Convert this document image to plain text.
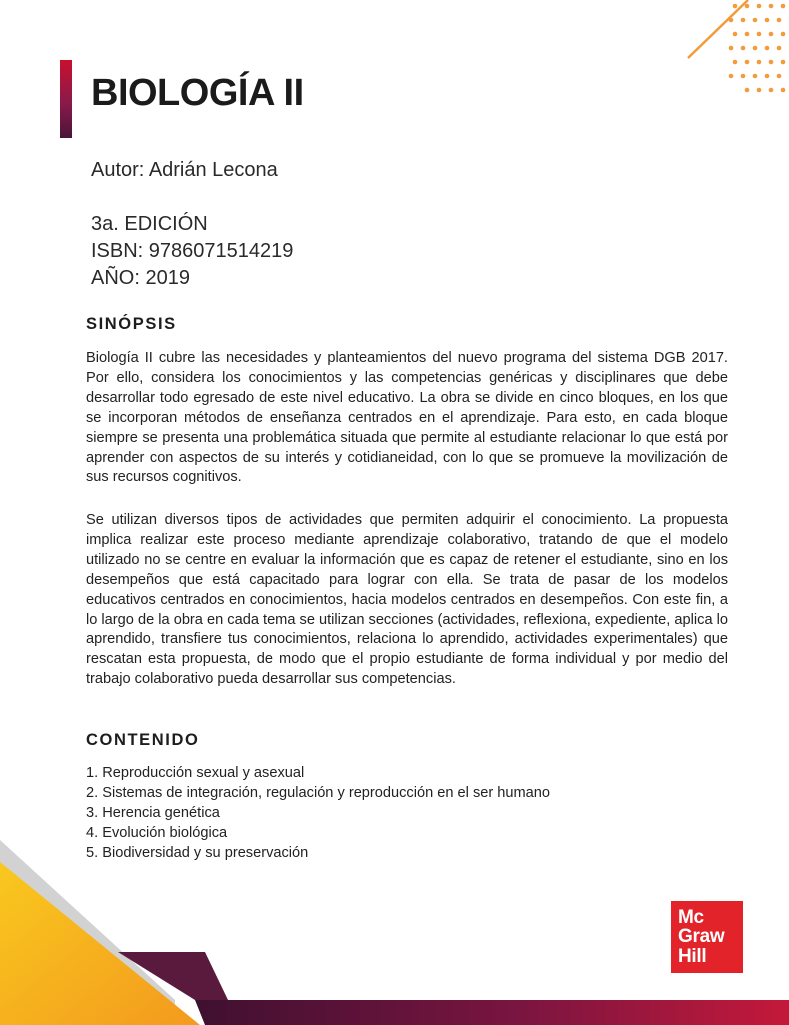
BIOLOGÍA II
Autor: Adrián Lecona
3a. EDICIÓN
ISBN: 9786071514219
AÑO: 2019
SINÓPSIS

Biología II cubre las necesidades y planteamientos del nuevo programa del sistema DGB 2017. Por ello, considera los conocimientos y las competencias genéricas y disciplinares que debe desarrollar todo egresado de este nivel educativo. La obra se divide en cinco bloques, en los que se incorporan métodos de enseñanza centrados en el aprendizaje. Para esto, en cada bloque siempre se presenta una problemática situada que permite al estudiante relacionar lo que está por aprender con aspectos de su interés y cotidianeidad, con lo que se promueve la movilización de sus recursos cognitivos.

Se utilizan diversos tipos de actividades que permiten adquirir el conocimiento. La propuesta implica realizar este proceso mediante aprendizaje colaborativo, tratando de que el modelo utilizado no se centre en evaluar la información que es capaz de retener el estudiante, sino en los desempeños que está capacitado para lograr con ella. Se trata de pasar de los modelos educativos centrados en conocimientos, hacia modelos centrados en desempeños. Con este fin, a lo largo de la obra en cada tema se utilizan secciones (actividades, reflexiona, expediente, aplica lo aprendido, transfiere tus conocimientos, relaciona lo aprendido, actividades experimentales) que rescatan esta propuesta, de modo que el propio estudiante de forma individual y por medio del trabajo colaborativo pueda desarrollar sus competencias.

CONTENIDO
1. Reproducción sexual y asexual
2. Sistemas de integración, regulación y reproducción en el ser humano
3. Herencia genética
4. Evolución biológica
5. Biodiversidad y su preservación
Mc
Graw
Hill
